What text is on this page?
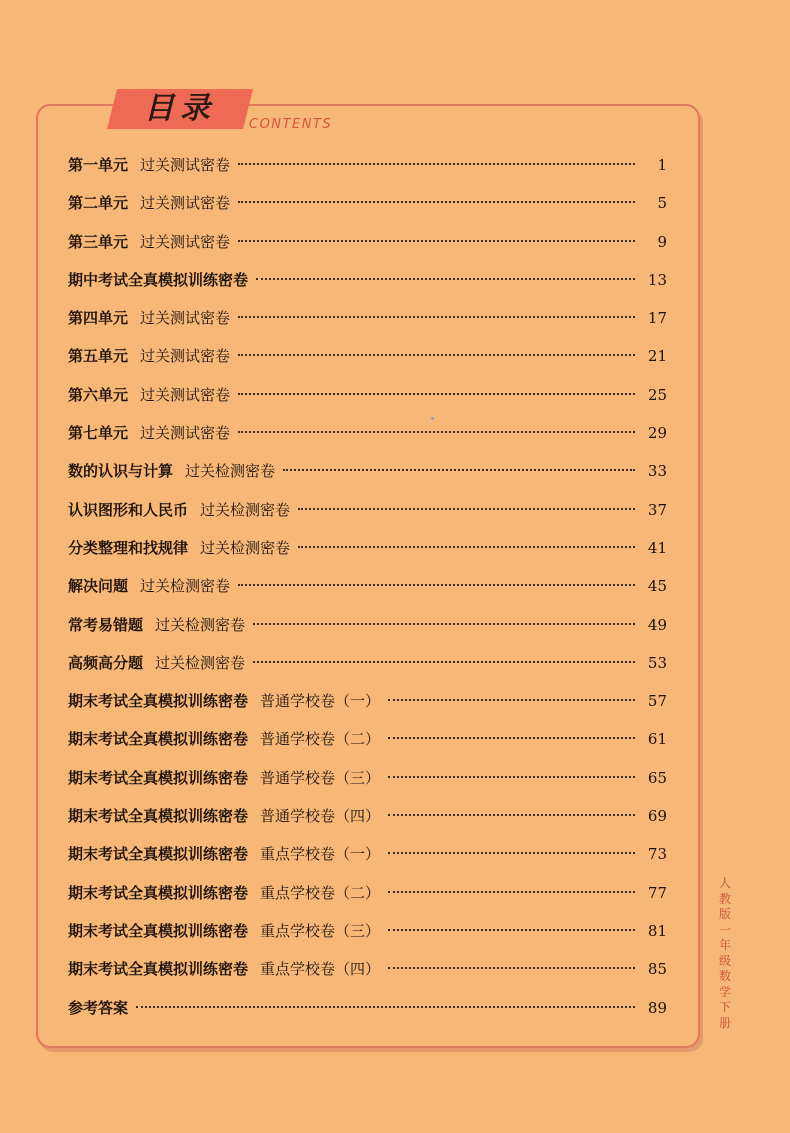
目录	CONTENTS
第一单元 过关测试密卷	1
第二单元 过关测试密卷	5
第三单元 过关测试密卷	9
期中考试全真模拟训练密卷	13
第四单元 过关测试密卷	17
第五单元 过关测试密卷	21
第六单元 过关测试密卷	25
第七单元 过关测试密卷	29
数的认识与计算 过关检测密卷	33
认识图形和人民币 过关检测密卷	37
分类整理和找规律 过关检测密卷	41
解决问题 过关检测密卷	45
常考易错题 过关检测密卷	49
高频高分题 过关检测密卷	53
期末考试全真模拟训练密卷 普通学校卷（一）	57
期末考试全真模拟训练密卷 普通学校卷（二）	61
期末考试全真模拟训练密卷 普通学校卷（三）	65
期末考试全真模拟训练密卷 普通学校卷（四）	69
期末考试全真模拟训练密卷 重点学校卷（一）	73
期末考试全真模拟训练密卷 重点学校卷（二）	77
期末考试全真模拟训练密卷 重点学校卷（三）	81
期末考试全真模拟训练密卷 重点学校卷（四）	85
参考答案	89
人教版 一年级数学 下册
